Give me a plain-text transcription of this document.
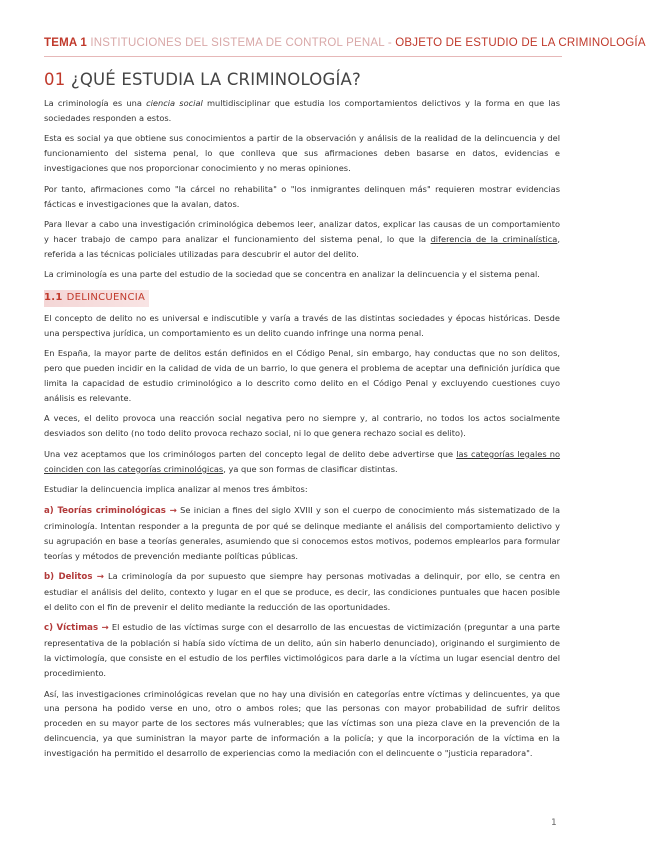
TEMA 1 INSTITUCIONES DEL SISTEMA DE CONTROL PENAL - OBJETO DE ESTUDIO DE LA CRIMINOLOGÍA
01 ¿QUÉ ESTUDIA LA CRIMINOLOGÍA?

La criminología es una ciencia social multidisciplinar que estudia los comportamientos delictivos y la forma en que las sociedades responden a estos.

Esta es social ya que obtiene sus conocimientos a partir de la observación y análisis de la realidad de la delincuencia y del funcionamiento del sistema penal, lo que conlleva que sus afirmaciones deben basarse en datos, evidencias e investigaciones que nos proporcionar conocimiento y no meras opiniones.

Por tanto, afirmaciones como "la cárcel no rehabilita" o "los inmigrantes delinquen más" requieren mostrar evidencias fácticas e investigaciones que la avalan, datos.

Para llevar a cabo una investigación criminológica debemos leer, analizar datos, explicar las causas de un comportamiento y hacer trabajo de campo para analizar el funcionamiento del sistema penal, lo que la diferencia de la criminalística, referida a las técnicas policiales utilizadas para descubrir el autor del delito.

La criminología es una parte del estudio de la sociedad que se concentra en analizar la delincuencia y el sistema penal.

1.1 DELINCUENCIA

El concepto de delito no es universal e indiscutible y varía a través de las distintas sociedades y épocas históricas. Desde una perspectiva jurídica, un comportamiento es un delito cuando infringe una norma penal.

En España, la mayor parte de delitos están definidos en el Código Penal, sin embargo, hay conductas que no son delitos, pero que pueden incidir en la calidad de vida de un barrio, lo que genera el problema de aceptar una definición jurídica que limita la capacidad de estudio criminológico a lo descrito como delito en el Código Penal y excluyendo cuestiones cuyo análisis es relevante.

A veces, el delito provoca una reacción social negativa pero no siempre y, al contrario, no todos los actos socialmente desviados son delito (no todo delito provoca rechazo social, ni lo que genera rechazo social es delito).

Una vez aceptamos que los criminólogos parten del concepto legal de delito debe advertirse que las categorías legales no coinciden con las categorías criminológicas, ya que son formas de clasificar distintas.

Estudiar la delincuencia implica analizar al menos tres ámbitos:

a) Teorías criminológicas → Se inician a fines del siglo XVIII y son el cuerpo de conocimiento más sistematizado de la criminología. Intentan responder a la pregunta de por qué se delinque mediante el análisis del comportamiento delictivo y su agrupación en base a teorías generales, asumiendo que si conocemos estos motivos, podemos emplearlos para formular teorías y métodos de prevención mediante políticas públicas.

b) Delitos → La criminología da por supuesto que siempre hay personas motivadas a delinquir, por ello, se centra en estudiar el análisis del delito, contexto y lugar en el que se produce, es decir, las condiciones puntuales que hacen posible el delito con el fin de prevenir el delito mediante la reducción de las oportunidades.

c) Víctimas → El estudio de las víctimas surge con el desarrollo de las encuestas de victimización (preguntar a una parte representativa de la población si había sido víctima de un delito, aún sin haberlo denunciado), originando el surgimiento de la victimología, que consiste en el estudio de los perfiles victimológicos para darle a la víctima un lugar esencial dentro del procedimiento.

Así, las investigaciones criminológicas revelan que no hay una división en categorías entre víctimas y delincuentes, ya que una persona ha podido verse en uno, otro o ambos roles; que las personas con mayor probabilidad de sufrir delitos proceden en su mayor parte de los sectores más vulnerables; que las víctimas son una pieza clave en la prevención de la delincuencia, ya que suministran la mayor parte de información a la policía; y que la incorporación de la víctima en la investigación ha permitido el desarrollo de experiencias como la mediación con el delincuente o "justicia reparadora".

1
